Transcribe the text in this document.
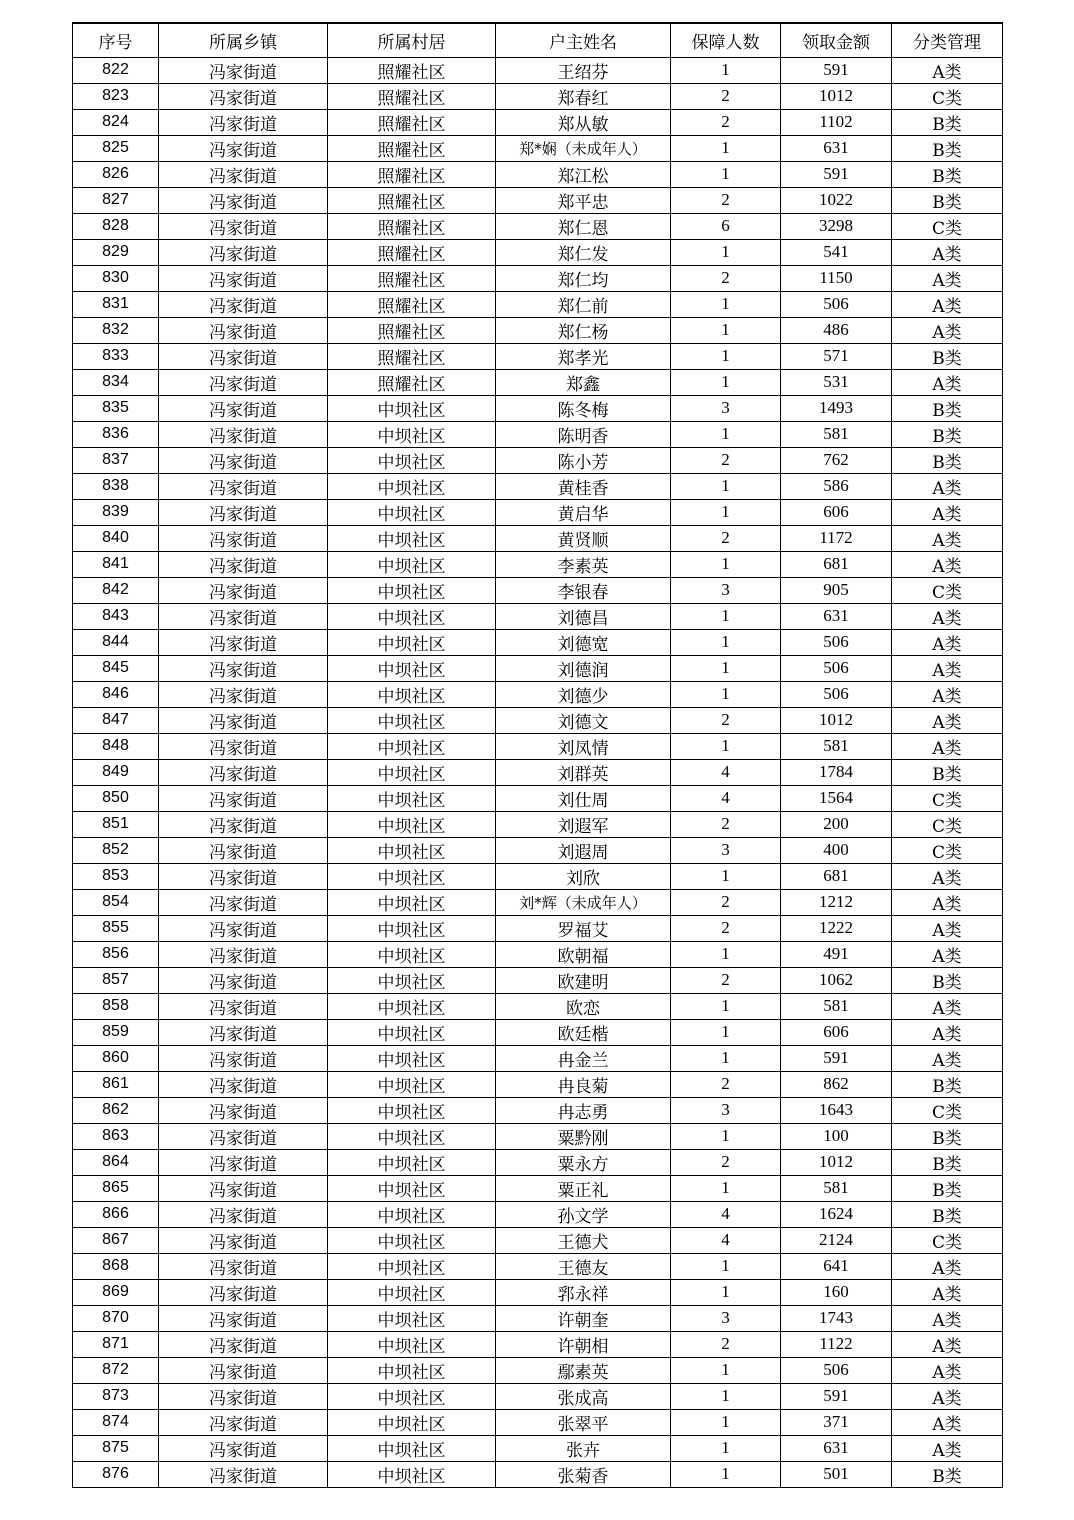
序号	所属乡镇	所属村居	户主姓名	保障人数	领取金额	分类管理
822	冯家街道	照耀社区	王绍芬	1	591	A类
823	冯家街道	照耀社区	郑春红	2	1012	C类
824	冯家街道	照耀社区	郑从敏	2	1102	B类
825	冯家街道	照耀社区	郑*娴（未成年人）	1	631	B类
826	冯家街道	照耀社区	郑江松	1	591	B类
827	冯家街道	照耀社区	郑平忠	2	1022	B类
828	冯家街道	照耀社区	郑仁恩	6	3298	C类
829	冯家街道	照耀社区	郑仁发	1	541	A类
830	冯家街道	照耀社区	郑仁均	2	1150	A类
831	冯家街道	照耀社区	郑仁前	1	506	A类
832	冯家街道	照耀社区	郑仁杨	1	486	A类
833	冯家街道	照耀社区	郑孝光	1	571	B类
834	冯家街道	照耀社区	郑鑫	1	531	A类
835	冯家街道	中坝社区	陈冬梅	3	1493	B类
836	冯家街道	中坝社区	陈明香	1	581	B类
837	冯家街道	中坝社区	陈小芳	2	762	B类
838	冯家街道	中坝社区	黄桂香	1	586	A类
839	冯家街道	中坝社区	黄启华	1	606	A类
840	冯家街道	中坝社区	黄贤顺	2	1172	A类
841	冯家街道	中坝社区	李素英	1	681	A类
842	冯家街道	中坝社区	李银春	3	905	C类
843	冯家街道	中坝社区	刘德昌	1	631	A类
844	冯家街道	中坝社区	刘德宽	1	506	A类
845	冯家街道	中坝社区	刘德润	1	506	A类
846	冯家街道	中坝社区	刘德少	1	506	A类
847	冯家街道	中坝社区	刘德文	2	1012	A类
848	冯家街道	中坝社区	刘凤情	1	581	A类
849	冯家街道	中坝社区	刘群英	4	1784	B类
850	冯家街道	中坝社区	刘仕周	4	1564	C类
851	冯家街道	中坝社区	刘遐军	2	200	C类
852	冯家街道	中坝社区	刘遐周	3	400	C类
853	冯家街道	中坝社区	刘欣	1	681	A类
854	冯家街道	中坝社区	刘*辉（未成年人）	2	1212	A类
855	冯家街道	中坝社区	罗福艾	2	1222	A类
856	冯家街道	中坝社区	欧朝福	1	491	A类
857	冯家街道	中坝社区	欧建明	2	1062	B类
858	冯家街道	中坝社区	欧恋	1	581	A类
859	冯家街道	中坝社区	欧廷楷	1	606	A类
860	冯家街道	中坝社区	冉金兰	1	591	A类
861	冯家街道	中坝社区	冉良菊	2	862	B类
862	冯家街道	中坝社区	冉志勇	3	1643	C类
863	冯家街道	中坝社区	粟黔刚	1	100	B类
864	冯家街道	中坝社区	粟永方	2	1012	B类
865	冯家街道	中坝社区	粟正礼	1	581	B类
866	冯家街道	中坝社区	孙文学	4	1624	B类
867	冯家街道	中坝社区	王德犬	4	2124	C类
868	冯家街道	中坝社区	王德友	1	641	A类
869	冯家街道	中坝社区	郛永祥	1	160	A类
870	冯家街道	中坝社区	许朝奎	3	1743	A类
871	冯家街道	中坝社区	许朝相	2	1122	A类
872	冯家街道	中坝社区	鄢素英	1	506	A类
873	冯家街道	中坝社区	张成高	1	591	A类
874	冯家街道	中坝社区	张翠平	1	371	A类
875	冯家街道	中坝社区	张卉	1	631	A类
876	冯家街道	中坝社区	张菊香	1	501	B类
